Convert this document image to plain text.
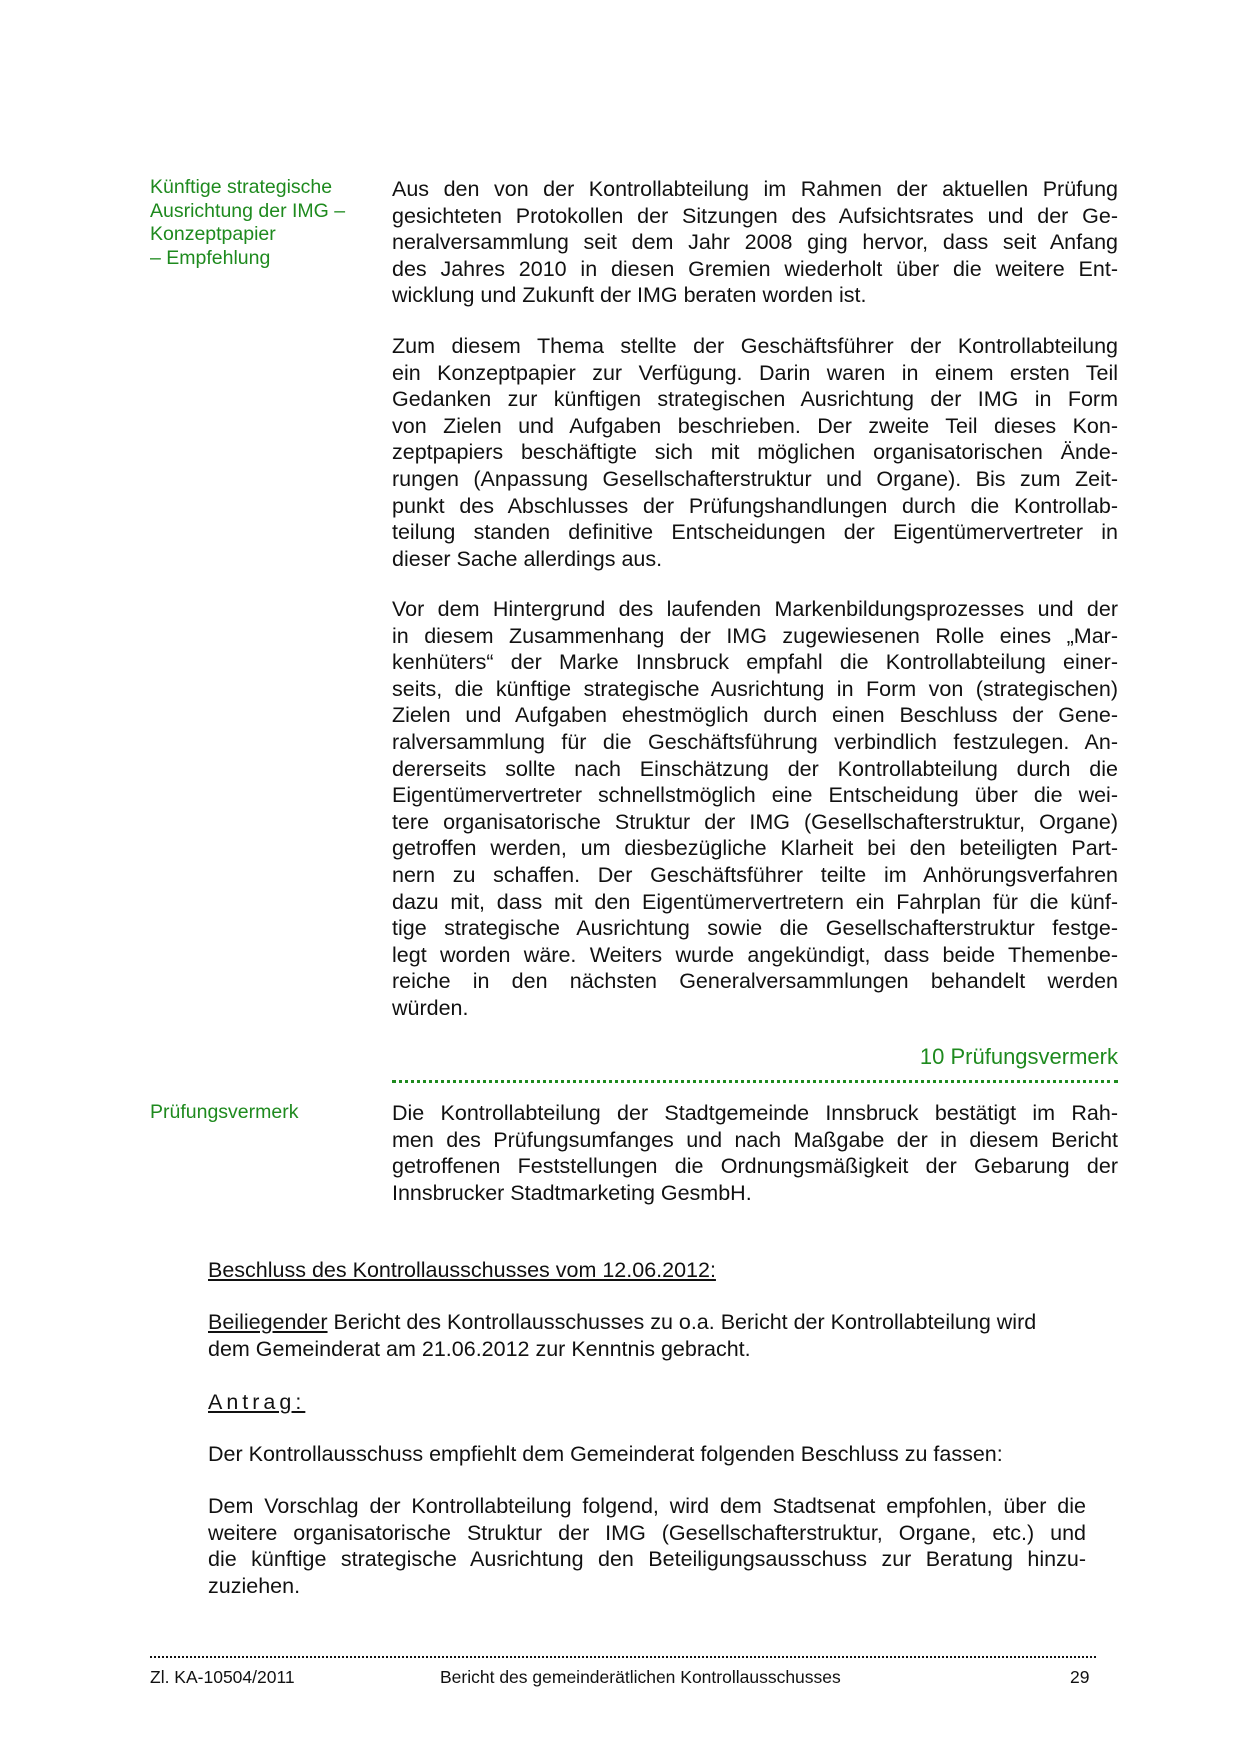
Künftige strategische
Ausrichtung der IMG –
Konzeptpapier
– Empfehlung
Aus den von der Kontrollabteilung im Rahmen der aktuellen Prüfung
gesichteten Protokollen der Sitzungen des Aufsichtsrates und der Ge-
neralversammlung seit dem Jahr 2008 ging hervor, dass seit Anfang
des Jahres 2010 in diesen Gremien wiederholt über die weitere Ent-
wicklung und Zukunft der IMG beraten worden ist.
Zum diesem Thema stellte der Geschäftsführer der Kontrollabteilung
ein Konzeptpapier zur Verfügung. Darin waren in einem ersten Teil
Gedanken zur künftigen strategischen Ausrichtung der IMG in Form
von Zielen und Aufgaben beschrieben. Der zweite Teil dieses Kon-
zeptpapiers beschäftigte sich mit möglichen organisatorischen Ände-
rungen (Anpassung Gesellschafterstruktur und Organe). Bis zum Zeit-
punkt des Abschlusses der Prüfungshandlungen durch die Kontrollab-
teilung standen definitive Entscheidungen der Eigentümervertreter in
dieser Sache allerdings aus.
Vor dem Hintergrund des laufenden Markenbildungsprozesses und der
in diesem Zusammenhang der IMG zugewiesenen Rolle eines „Mar-
kenhüters“ der Marke Innsbruck empfahl die Kontrollabteilung einer-
seits, die künftige strategische Ausrichtung in Form von (strategischen)
Zielen und Aufgaben ehestmöglich durch einen Beschluss der Gene-
ralversammlung für die Geschäftsführung verbindlich festzulegen. An-
dererseits sollte nach Einschätzung der Kontrollabteilung durch die
Eigentümervertreter schnellstmöglich eine Entscheidung über die wei-
tere organisatorische Struktur der IMG (Gesellschafterstruktur, Organe)
getroffen werden, um diesbezügliche Klarheit bei den beteiligten Part-
nern zu schaffen. Der Geschäftsführer teilte im Anhörungsverfahren
dazu mit, dass mit den Eigentümervertretern ein Fahrplan für die künf-
tige strategische Ausrichtung sowie die Gesellschafterstruktur festge-
legt worden wäre. Weiters wurde angekündigt, dass beide Themenbe-
reiche in den nächsten Generalversammlungen behandelt werden
würden.
10 Prüfungsvermerk
Prüfungsvermerk	Die Kontrollabteilung der Stadtgemeinde Innsbruck bestätigt im Rah-
men des Prüfungsumfanges und nach Maßgabe der in diesem Bericht
getroffenen Feststellungen die Ordnungsmäßigkeit der Gebarung der
Innsbrucker Stadtmarketing GesmbH.
Beschluss des Kontrollausschusses vom 12.06.2012:
Beiliegender Bericht des Kontrollausschusses zu o.a. Bericht der Kontrollabteilung wird
dem Gemeinderat am 21.06.2012 zur Kenntnis gebracht.
Antrag:
Der Kontrollausschuss empfiehlt dem Gemeinderat folgenden Beschluss zu fassen:
Dem Vorschlag der Kontrollabteilung folgend, wird dem Stadtsenat empfohlen, über die
weitere organisatorische Struktur der IMG (Gesellschafterstruktur, Organe, etc.) und
die künftige strategische Ausrichtung den Beteiligungsausschuss zur Beratung hinzu-
zuziehen.
Zl. KA-10504/2011	Bericht des gemeinderätlichen Kontrollausschusses	29
